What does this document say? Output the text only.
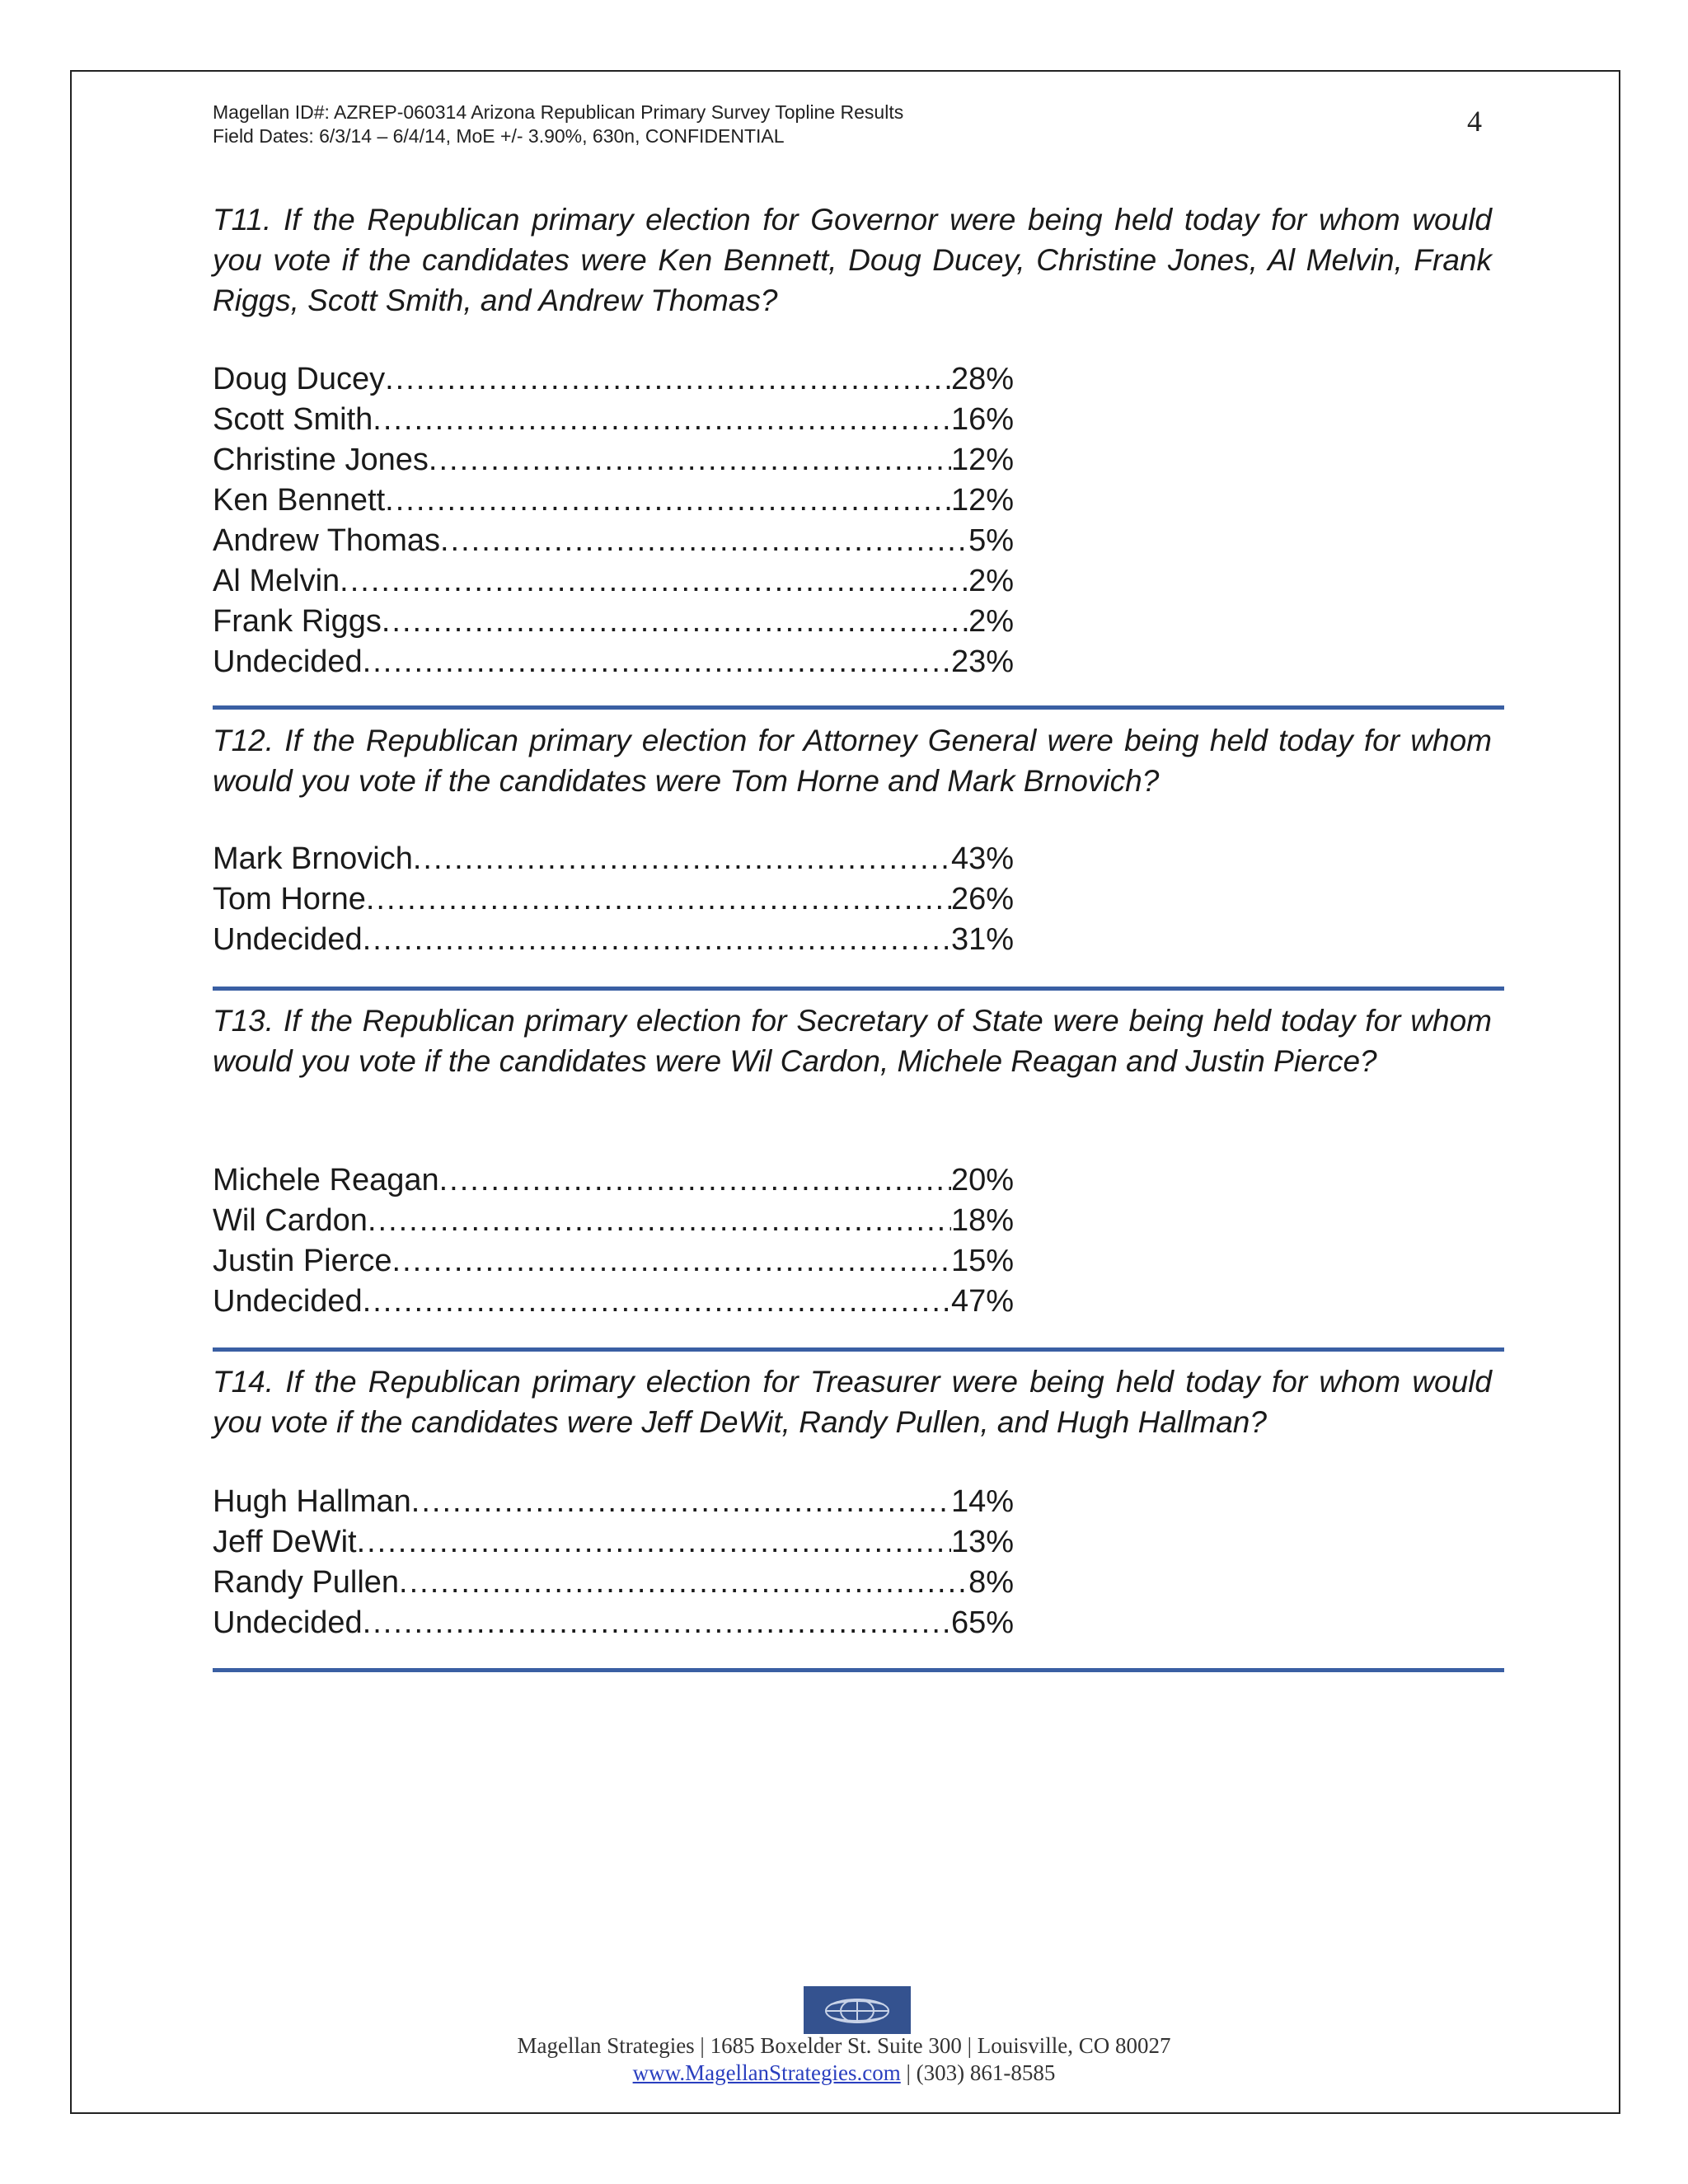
Magellan ID#: AZREP-060314 Arizona Republican Primary Survey Topline Results
Field Dates: 6/3/14 – 6/4/14, MoE +/- 3.90%, 630n, CONFIDENTIAL	4
T11. If the Republican primary election for Governor were being held today for whom would you vote if the candidates were Ken Bennett, Doug Ducey, Christine Jones, Al Melvin, Frank Riggs, Scott Smith, and Andrew Thomas?
Doug Ducey .....	28%
Scott Smith .....	16%
Christine Jones .....	12%
Ken Bennett .....	12%
Andrew Thomas .....	5%
Al Melvin .....	2%
Frank Riggs .....	2%
Undecided .....	23%
T12. If the Republican primary election for Attorney General were being held today for whom would you vote if the candidates were Tom Horne and Mark Brnovich?
Mark Brnovich .....	43%
Tom Horne .....	26%
Undecided .....	31%
T13. If the Republican primary election for Secretary of State were being held today for whom would you vote if the candidates were Wil Cardon, Michele Reagan and Justin Pierce?
Michele Reagan .....	20%
Wil Cardon .....	18%
Justin Pierce .....	15%
Undecided .....	47%
T14. If the Republican primary election for Treasurer were being held today for whom would you vote if the candidates were Jeff DeWit, Randy Pullen, and Hugh Hallman?
Hugh Hallman .....	14%
Jeff DeWit .....	13%
Randy Pullen .....	8%
Undecided .....	65%
Magellan Strategies | 1685 Boxelder St. Suite 300 | Louisville, CO 80027
www.MagellanStrategies.com | (303) 861-8585
